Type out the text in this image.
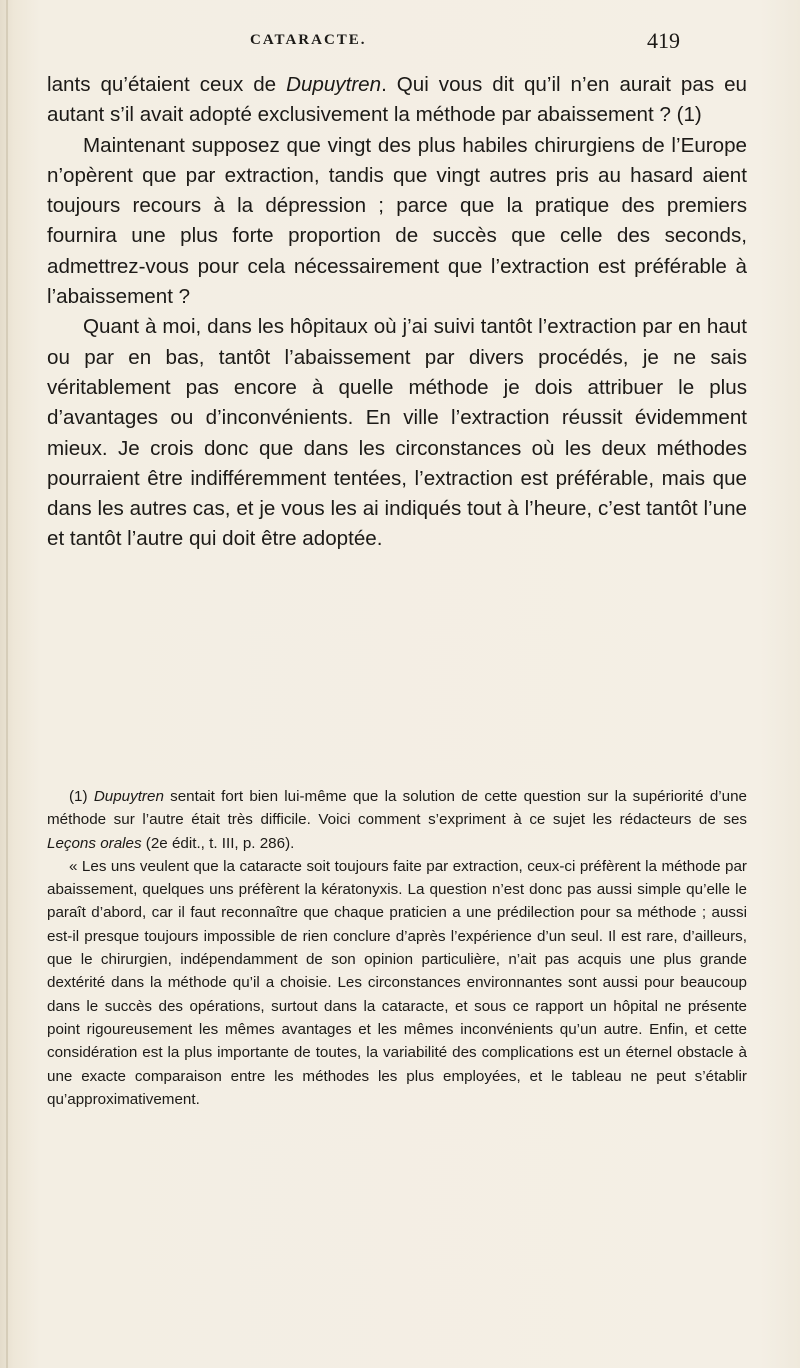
CATARACTE.	419

lants qu’étaient ceux de Dupuytren. Qui vous dit qu’il n’en aurait pas eu autant s’il avait adopté exclusivement la méthode par abaissement ? (1)

Maintenant supposez que vingt des plus habiles chirurgiens de l’Europe n’opèrent que par extraction, tandis que vingt autres pris au hasard aient toujours recours à la dépression ; parce que la pratique des premiers fournira une plus forte proportion de succès que celle des seconds, admettrez-vous pour cela nécessairement que l’extraction est préférable à l’abaissement ?

Quant à moi, dans les hôpitaux où j’ai suivi tantôt l’extraction par en haut ou par en bas, tantôt l’abaissement par divers procédés, je ne sais véritablement pas encore à quelle méthode je dois attribuer le plus d’avantages ou d’inconvénients. En ville l’extraction réussit évidemment mieux. Je crois donc que dans les circonstances où les deux méthodes pourraient être indifféremment tentées, l’extraction est préférable, mais que dans les autres cas, et je vous les ai indiqués tout à l’heure, c’est tantôt l’une et tantôt l’autre qui doit être adoptée.

(1) Dupuytren sentait fort bien lui-même que la solution de cette question sur la supériorité d’une méthode sur l’autre était très difficile. Voici comment s’expriment à ce sujet les rédacteurs de ses Leçons orales (2e édit., t. III, p. 286).

« Les uns veulent que la cataracte soit toujours faite par extraction, ceux-ci préfèrent la méthode par abaissement, quelques uns préfèrent la kératonyxis. La question n’est donc pas aussi simple qu’elle le paraît d’abord, car il faut reconnaître que chaque praticien a une prédilection pour sa méthode ; aussi est-il presque toujours impossible de rien conclure d’après l’expérience d’un seul. Il est rare, d’ailleurs, que le chirurgien, indépendamment de son opinion particulière, n’ait pas acquis une plus grande dextérité dans la méthode qu’il a choisie. Les circonstances environnantes sont aussi pour beaucoup dans le succès des opérations, surtout dans la cataracte, et sous ce rapport un hôpital ne présente point rigoureusement les mêmes avantages et les mêmes inconvénients qu’un autre. Enfin, et cette considération est la plus importante de toutes, la variabilité des complications est un éternel obstacle à une exacte comparaison entre les méthodes les plus employées, et le tableau ne peut s’établir qu’approximativement.
